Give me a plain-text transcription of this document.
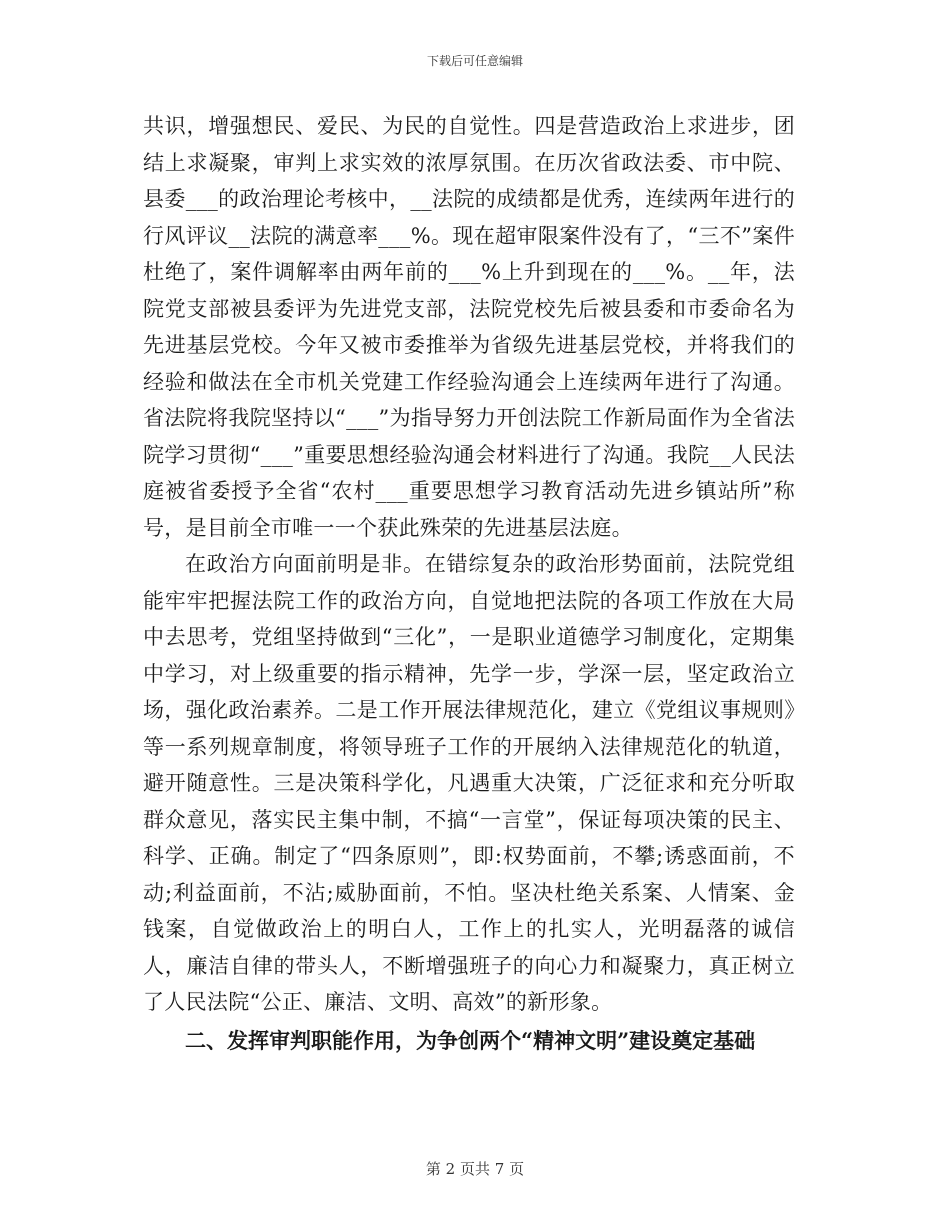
下载后可任意编辑

共识，增强想民、爱民、为民的自觉性。四是营造政治上求进步，团结上求凝聚，审判上求实效的浓厚氛围。在历次省政法委、市中院、县委___的政治理论考核中，__法院的成绩都是优秀，连续两年进行的行风评议__法院的满意率___%。现在超审限案件没有了，“三不”案件杜绝了，案件调解率由两年前的___%上升到现在的___%。__年，法院党支部被县委评为先进党支部，法院党校先后被县委和市委命名为先进基层党校。今年又被市委推举为省级先进基层党校，并将我们的经验和做法在全市机关党建工作经验沟通会上连续两年进行了沟通。省法院将我院坚持以“___”为指导努力开创法院工作新局面作为全省法院学习贯彻“___”重要思想经验沟通会材料进行了沟通。我院__人民法庭被省委授予全省“农村___重要思想学习教育活动先进乡镇站所”称号，是目前全市唯一一个获此殊荣的先进基层法庭。

在政治方向面前明是非。在错综复杂的政治形势面前，法院党组能牢牢把握法院工作的政治方向，自觉地把法院的各项工作放在大局中去思考，党组坚持做到“三化”，一是职业道德学习制度化，定期集中学习，对上级重要的指示精神，先学一步，学深一层，坚定政治立场，强化政治素养。二是工作开展法律规范化，建立《党组议事规则》等一系列规章制度，将领导班子工作的开展纳入法律规范化的轨道，避开随意性。三是决策科学化，凡遇重大决策，广泛征求和充分听取群众意见，落实民主集中制，不搞“一言堂”，保证每项决策的民主、科学、正确。制定了“四条原则”，即:权势面前，不攀;诱惑面前，不动;利益面前，不沾;威胁面前，不怕。坚决杜绝关系案、人情案、金钱案，自觉做政治上的明白人，工作上的扎实人，光明磊落的诚信人，廉洁自律的带头人，不断增强班子的向心力和凝聚力，真正树立了人民法院“公正、廉洁、文明、高效”的新形象。

二、发挥审判职能作用，为争创两个“精神文明”建设奠定基础

第 2 页共 7 页
